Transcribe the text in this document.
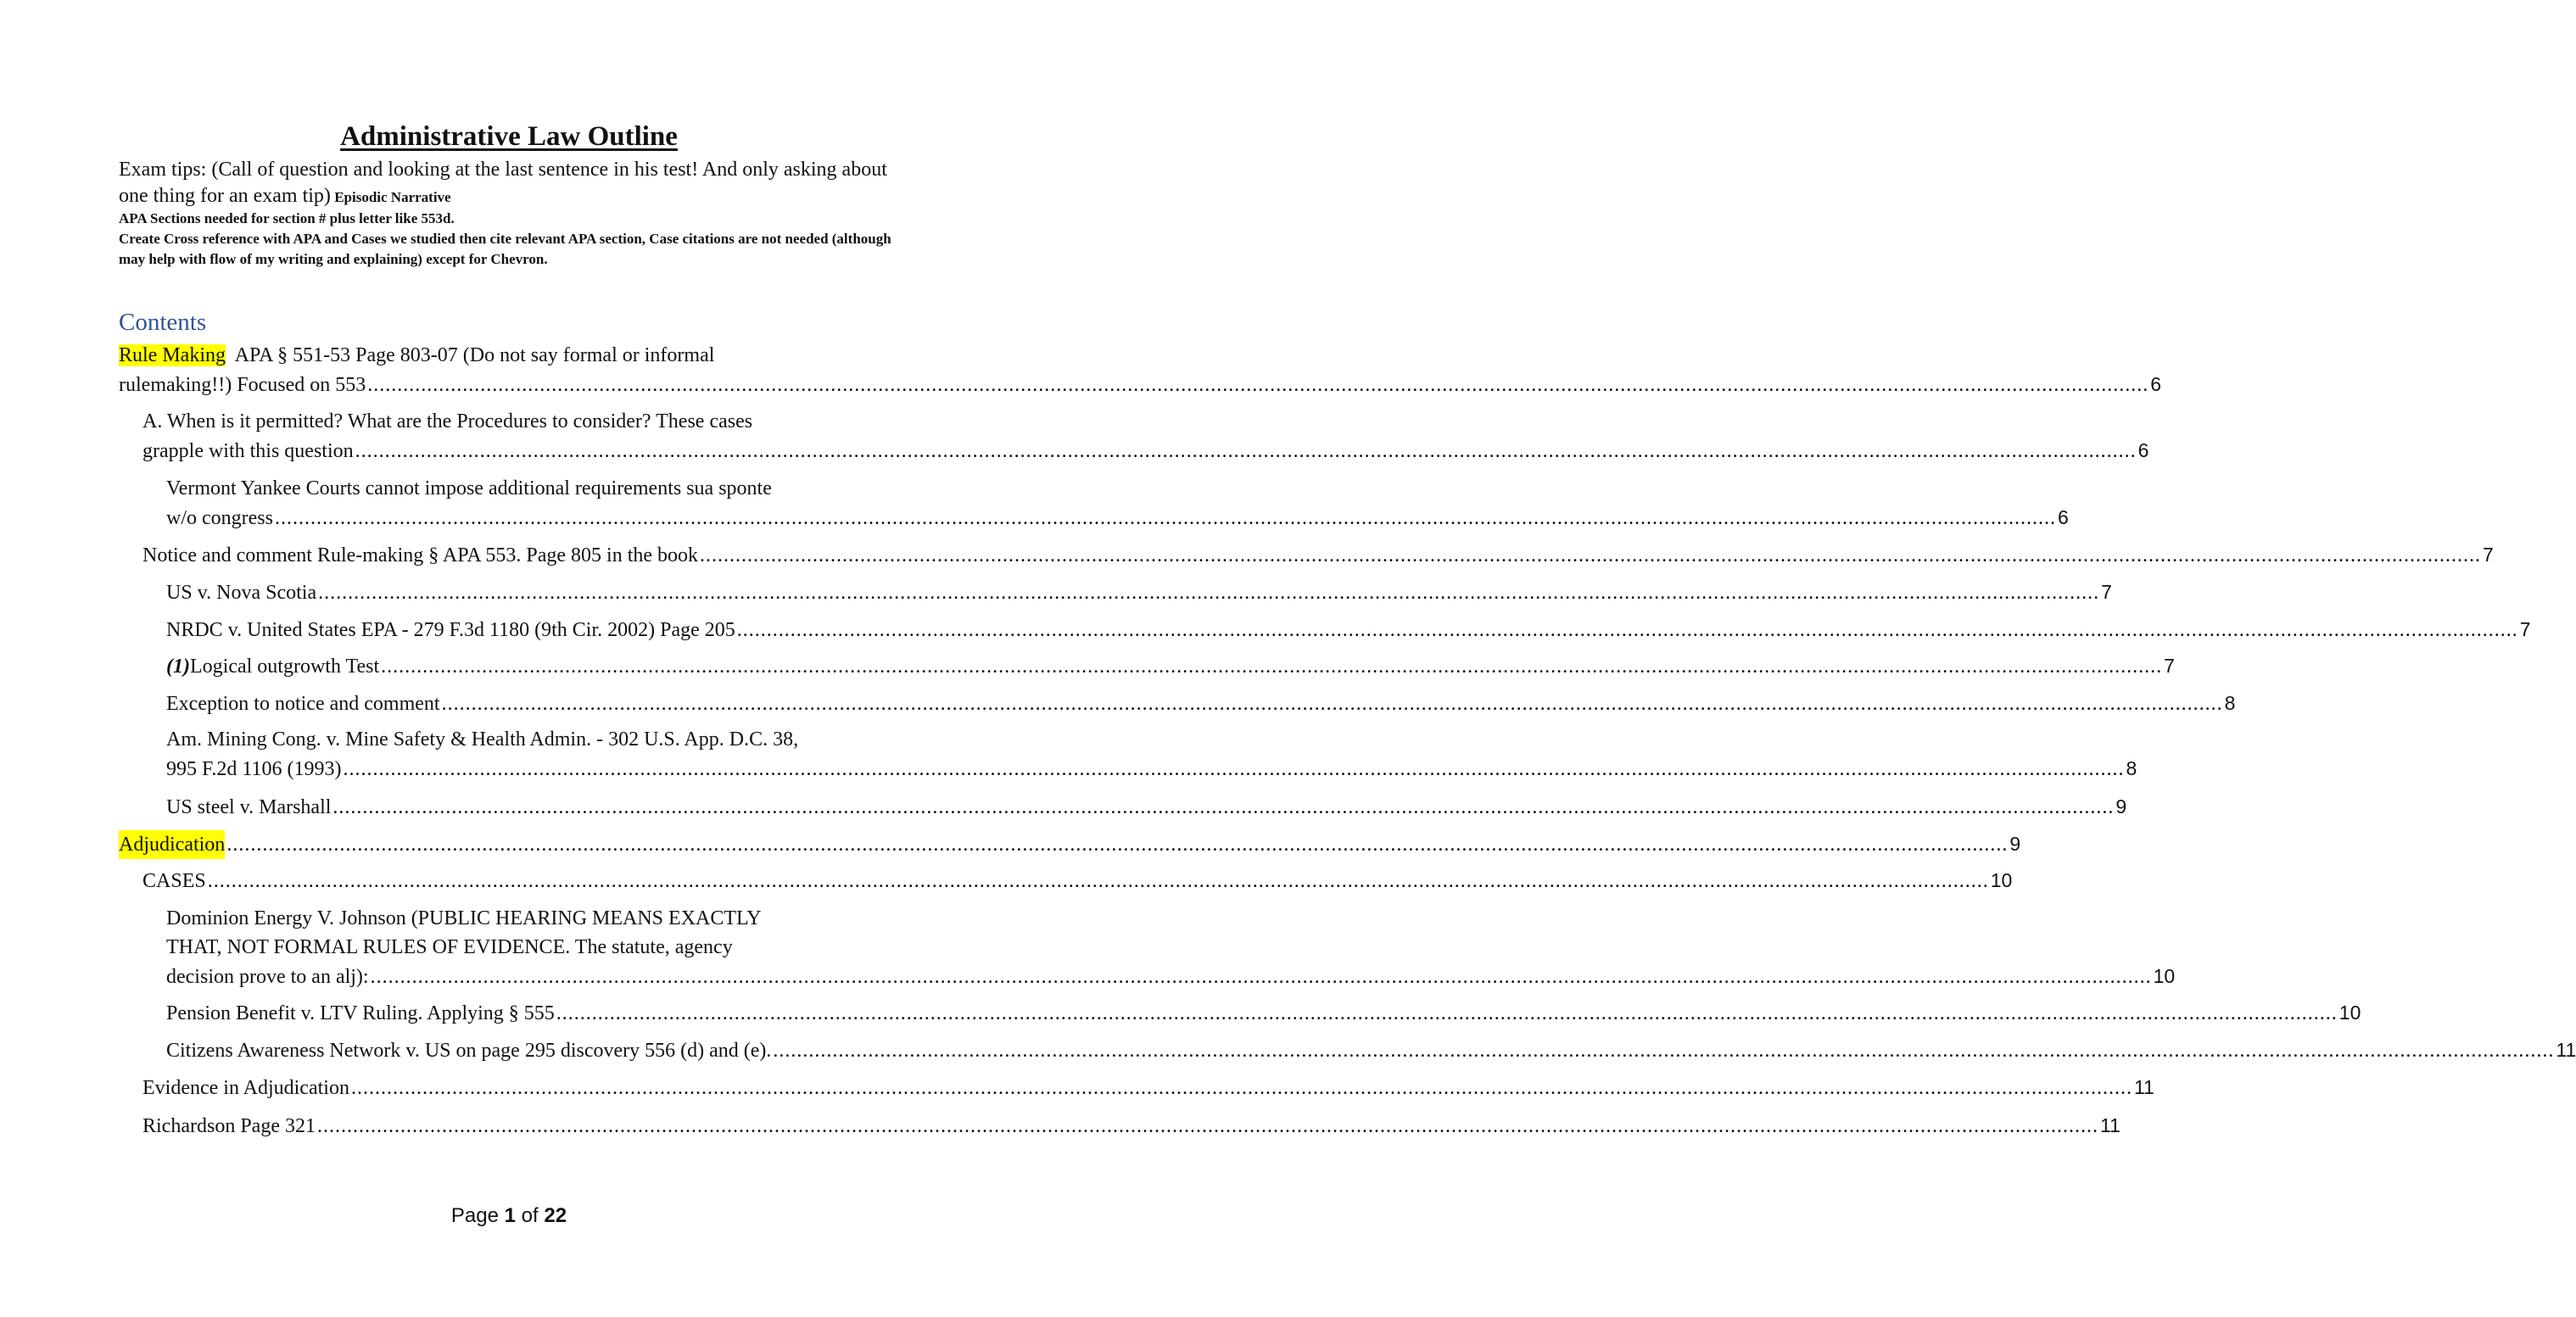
Administrative Law Outline
Exam tips: (Call of question and looking at the last sentence in his test! And only asking about one thing for an exam tip) Episodic Narrative
APA Sections needed for section # plus letter like 553d.
Create Cross reference with APA and Cases we studied then cite relevant APA section, Case citations are not needed (although may help with flow of my writing and explaining) except for Chevron.
Contents
Rule Making  APA § 551-53 Page 803-07 (Do not say formal or informal
rulemaking!!) Focused on 553 ............................................................................................................................................................................................................................................................................................................ 6
A. When is it permitted? What are the Procedures to consider? These cases
grapple with this question ............................................................................................................................................................................................................................................................................................................ 6
Vermont Yankee Courts cannot impose additional requirements sua sponte
w/o congress ............................................................................................................................................................................................................................................................................................................ 6
Notice and comment Rule-making § APA 553. Page 805 in the book ............................................................................................................................................................................................................................................................................................................ 7
US v. Nova Scotia ............................................................................................................................................................................................................................................................................................................ 7
NRDC v. United States EPA - 279 F.3d 1180 (9th Cir. 2002) Page 205 ............................................................................................................................................................................................................................................................................................................ 7
(1) Logical outgrowth Test ............................................................................................................................................................................................................................................................................................................ 7
Exception to notice and comment ............................................................................................................................................................................................................................................................................................................ 8
Am. Mining Cong. v. Mine Safety & Health Admin. - 302 U.S. App. D.C. 38,
995 F.2d 1106 (1993) ............................................................................................................................................................................................................................................................................................................ 8
US steel v. Marshall ............................................................................................................................................................................................................................................................................................................ 9
Adjudication ............................................................................................................................................................................................................................................................................................................ 9
CASES ............................................................................................................................................................................................................................................................................................................ 10
Dominion Energy V. Johnson (PUBLIC HEARING MEANS EXACTLY
THAT, NOT FORMAL RULES OF EVIDENCE. The statute, agency
decision prove to an alj): ............................................................................................................................................................................................................................................................................................................ 10
Pension Benefit v. LTV Ruling. Applying § 555 ............................................................................................................................................................................................................................................................................................................ 10
Citizens Awareness Network v. US on page 295 discovery 556 (d) and (e). ............................................................................................................................................................................................................................................................................................................ 11
Evidence in Adjudication ............................................................................................................................................................................................................................................................................................................ 11
Richardson Page 321 ............................................................................................................................................................................................................................................................................................................ 11
Page 1 of 22
